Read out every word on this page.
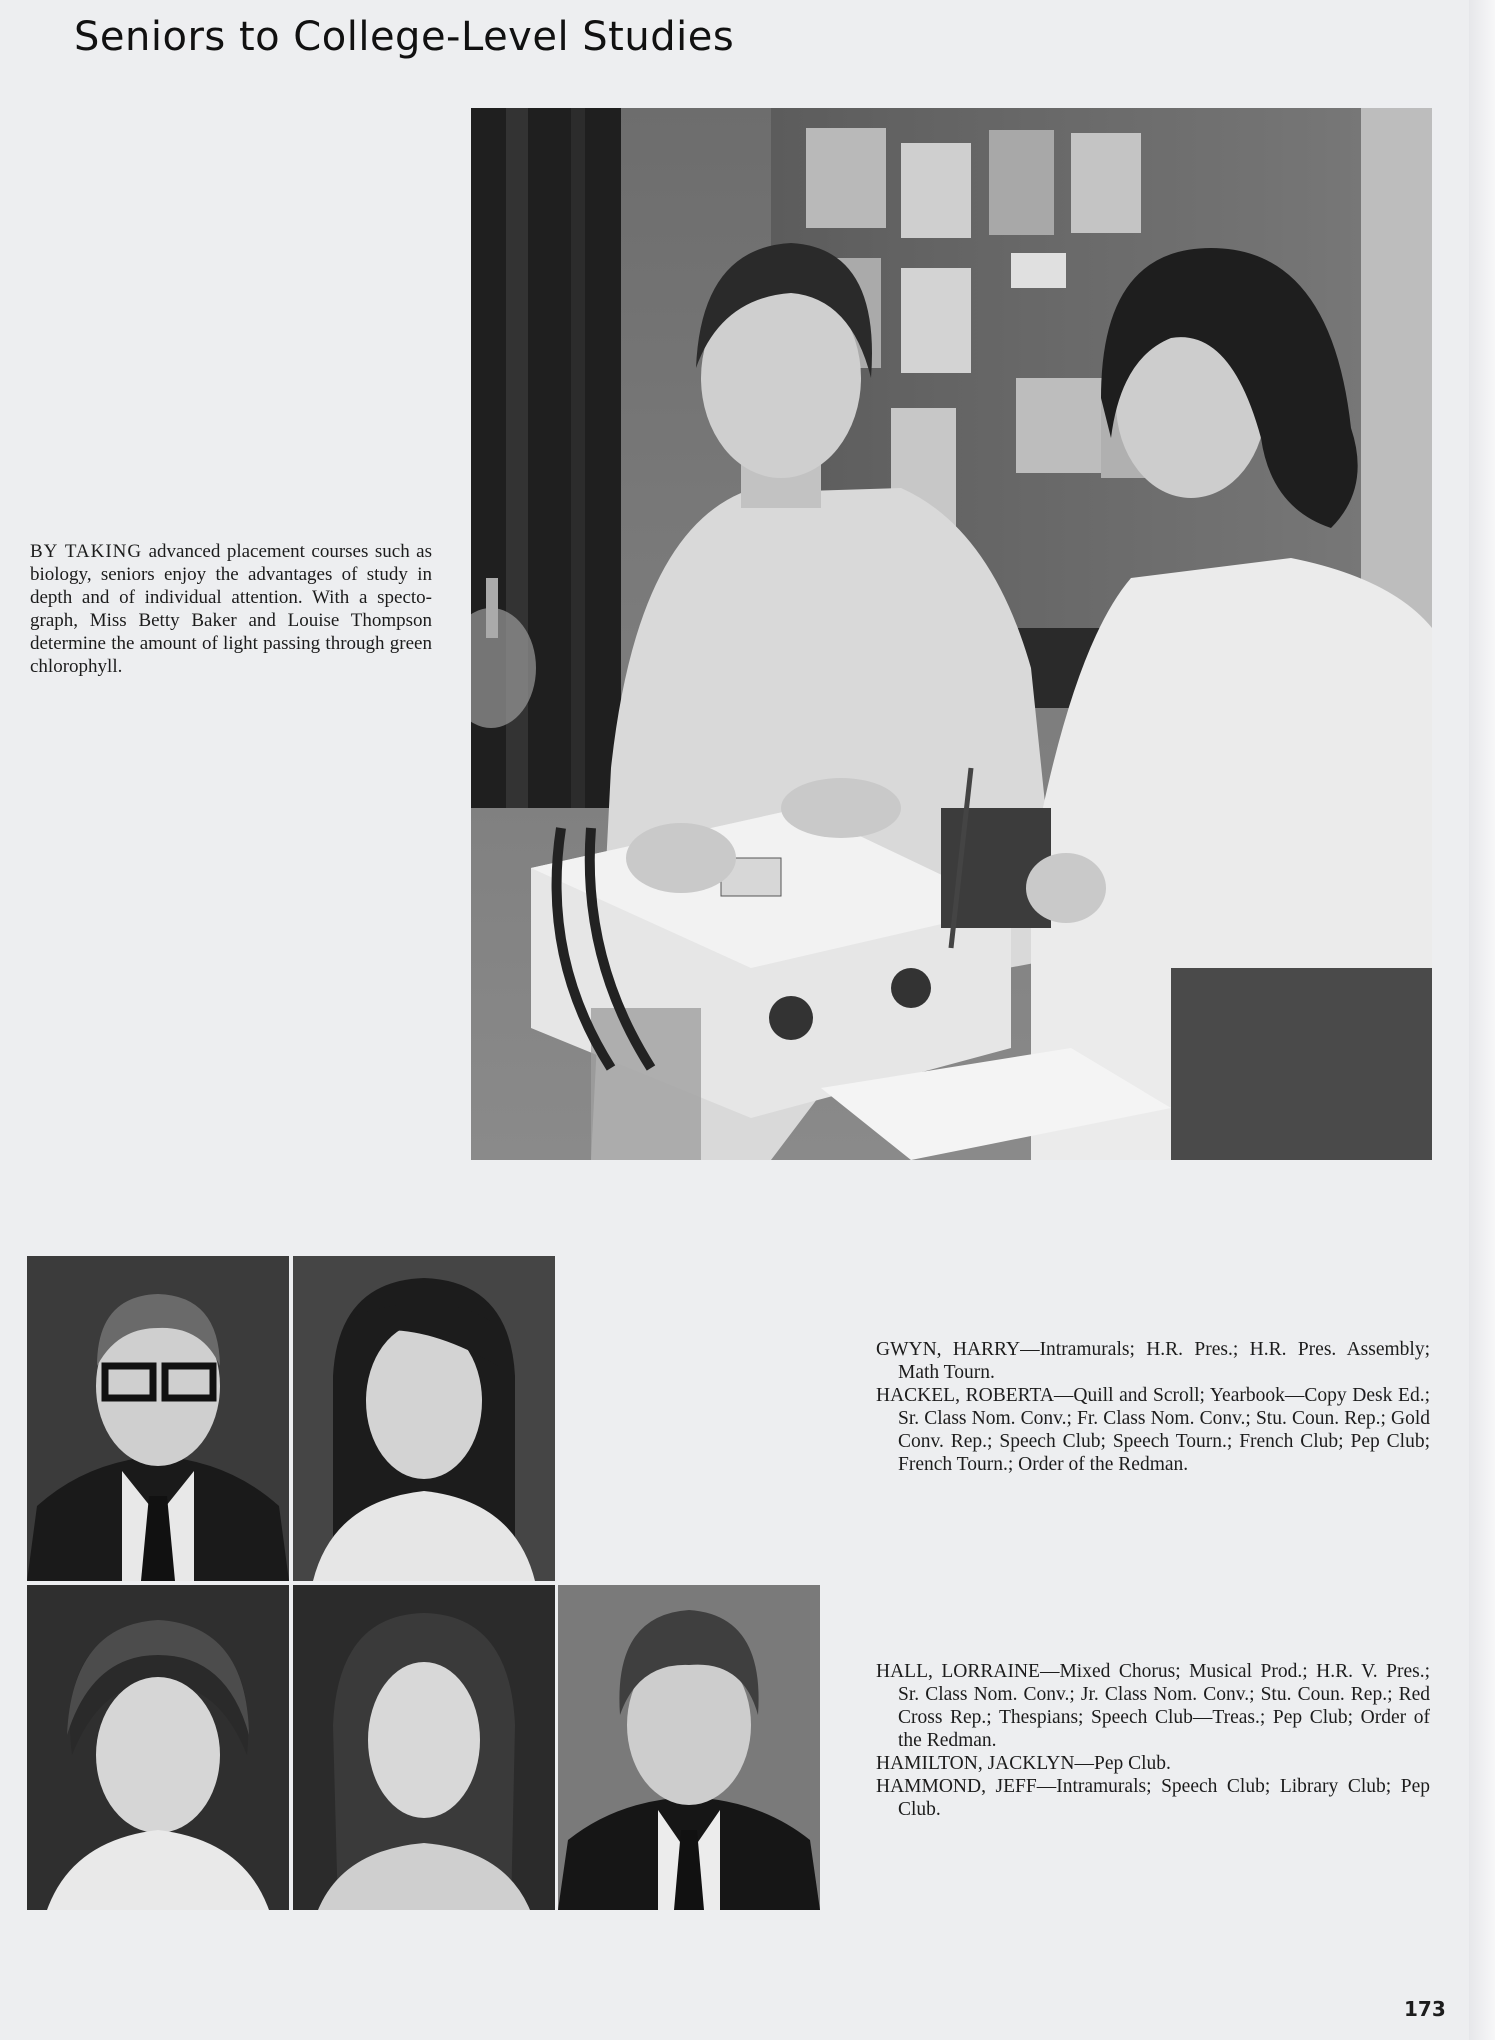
Seniors to College-Level Studies

BY TAKING advanced placement courses such as biology, seniors enjoy the advantages of study in depth and of individual attention. With a spectograph, Miss Betty Baker and Louise Thompson determine the amount of light passing through green chlorophyll.

GWYN, HARRY—Intramurals; H.R. Pres.; H.R. Pres. Assembly; Math Tourn.

HACKEL, ROBERTA—Quill and Scroll; Yearbook—Copy Desk Ed.; Sr. Class Nom. Conv.; Fr. Class Nom. Conv.; Stu. Coun. Rep.; Gold Conv. Rep.; Speech Club; Speech Tourn.; French Club; Pep Club; French Tourn.; Order of the Redman.

HALL, LORRAINE—Mixed Chorus; Musical Prod.; H.R. V. Pres.; Sr. Class Nom. Conv.; Jr. Class Nom. Conv.; Stu. Coun. Rep.; Red Cross Rep.; Thespians; Speech Club—Treas.; Pep Club; Order of the Redman.

HAMILTON, JACKLYN—Pep Club.

HAMMOND, JEFF—Intramurals; Speech Club; Library Club; Pep Club.

173
